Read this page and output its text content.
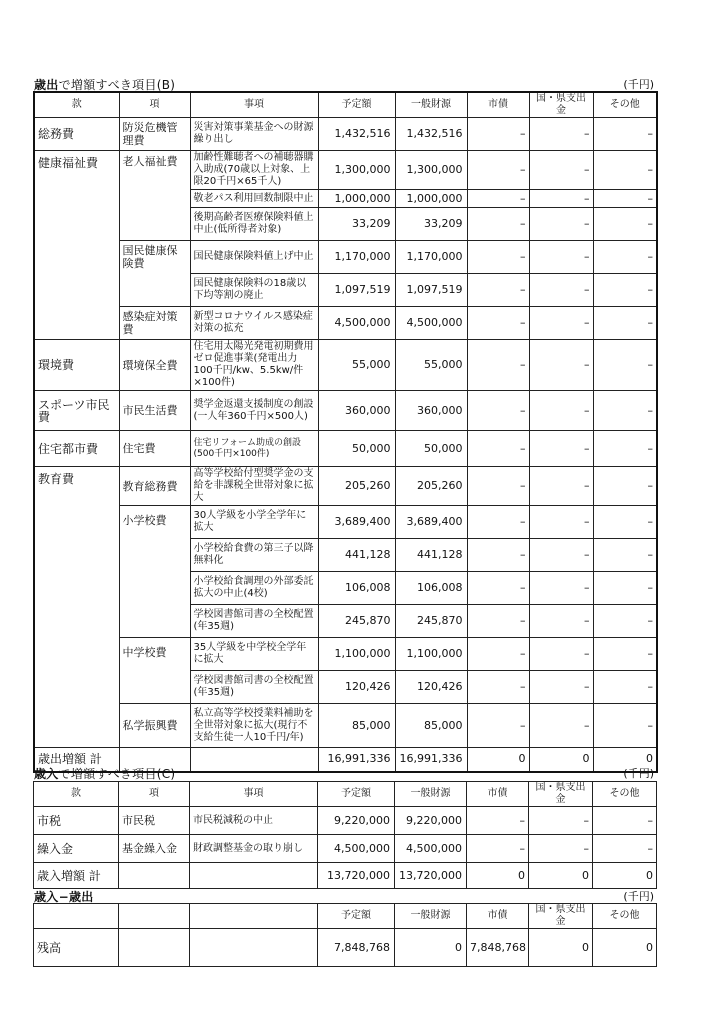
歳出で増額すべき項目(B)	(千円)
款	項	事項	予定額	一般財源	市債	国・県支出金	その他
総務費	防災危機管理費	災害対策事業基金への財源繰り出し	1,432,516	1,432,516	–	–	–
健康福祉費	老人福祉費	加齢性難聴者への補聴器購入助成(70歳以上対象、上限20千円×65千人)	1,300,000	1,300,000	–	–	–
		敬老パス利用回数制限中止	1,000,000	1,000,000	–	–	–
		後期高齢者医療保険料値上中止(低所得者対象)	33,209	33,209	–	–	–
	国民健康保険費	国民健康保険料値上げ中止	1,170,000	1,170,000	–	–	–
		国民健康保険料の18歳以下均等割の廃止	1,097,519	1,097,519	–	–	–
	感染症対策費	新型コロナウイルス感染症対策の拡充	4,500,000	4,500,000	–	–	–
環境費	環境保全費	住宅用太陽光発電初期費用ゼロ促進事業(発電出力100千円/kw、5.5kw/件×100件)	55,000	55,000	–	–	–
スポーツ市民費	市民生活費	奨学金返還支援制度の創設(一人年360千円×500人)	360,000	360,000	–	–	–
住宅都市費	住宅費	住宅リフォーム助成の創設(500千円×100件)	50,000	50,000	–	–	–
教育費	教育総務費	高等学校給付型奨学金の支給を非課税全世帯対象に拡大	205,260	205,260	–	–	–
	小学校費	30人学級を小学全学年に拡大	3,689,400	3,689,400	–	–	–
		小学校給食費の第三子以降無料化	441,128	441,128	–	–	–
		小学校給食調理の外部委託拡大の中止(4校)	106,008	106,008	–	–	–
		学校図書館司書の全校配置(年35週)	245,870	245,870	–	–	–
	中学校費	35人学級を中学校全学年に拡大	1,100,000	1,100,000	–	–	–
		学校図書館司書の全校配置(年35週)	120,426	120,426	–	–	–
	私学振興費	私立高等学校授業料補助を全世帯対象に拡大(現行不支給生徒一人10千円/年)	85,000	85,000	–	–	–
歳出増額 計			16,991,336	16,991,336	0	0	0
歳入で増額すべき項目(C)	(千円)
款	項	事項	予定額	一般財源	市債	国・県支出金	その他
市税	市民税	市民税減税の中止	9,220,000	9,220,000	–	–	–
繰入金	基金繰入金	財政調整基金の取り崩し	4,500,000	4,500,000	–	–	–
歳入増額 計			13,720,000	13,720,000	0	0	0
歳入−歳出	(千円)
			予定額	一般財源	市債	国・県支出金	その他
残高			7,848,768	0	7,848,768	0	0
